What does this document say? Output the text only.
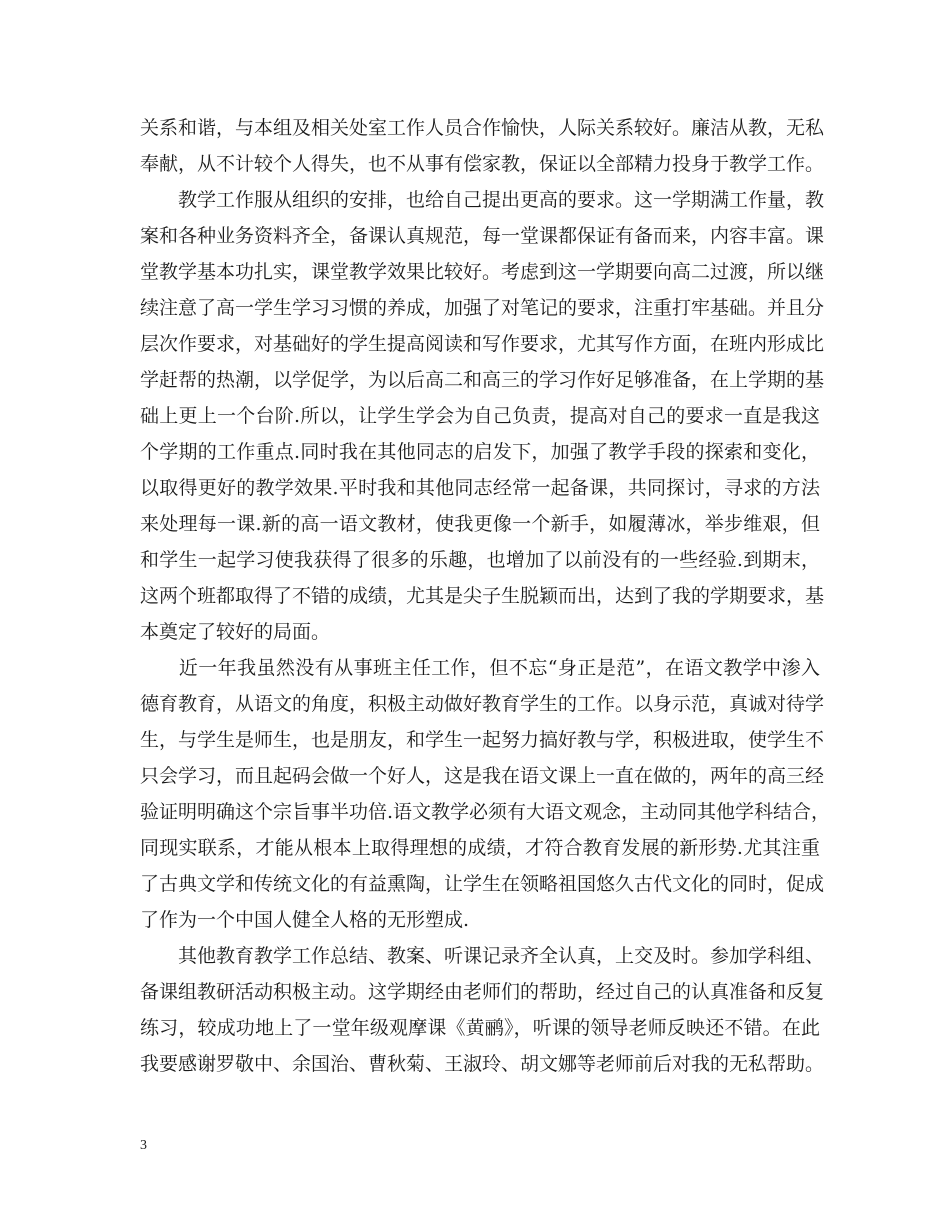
关系和谐，与本组及相关处室工作人员合作愉快，人际关系较好。廉洁从教，无私
奉献，从不计较个人得失，也不从事有偿家教，保证以全部精力投身于教学工作。
　　教学工作服从组织的安排，也给自己提出更高的要求。这一学期满工作量，教
案和各种业务资料齐全，备课认真规范，每一堂课都保证有备而来，内容丰富。课
堂教学基本功扎实，课堂教学效果比较好。考虑到这一学期要向高二过渡，所以继
续注意了高一学生学习习惯的养成，加强了对笔记的要求，注重打牢基础。并且分
层次作要求，对基础好的学生提高阅读和写作要求，尤其写作方面，在班内形成比
学赶帮的热潮，以学促学，为以后高二和高三的学习作好足够准备，在上学期的基
础上更上一个台阶.所以，让学生学会为自己负责，提高对自己的要求一直是我这
个学期的工作重点.同时我在其他同志的启发下，加强了教学手段的探索和变化，
以取得更好的教学效果.平时我和其他同志经常一起备课，共同探讨，寻求的方法
来处理每一课.新的高一语文教材，使我更像一个新手，如履薄冰，举步维艰，但
和学生一起学习使我获得了很多的乐趣，也增加了以前没有的一些经验.到期末，
这两个班都取得了不错的成绩，尤其是尖子生脱颖而出，达到了我的学期要求，基
本奠定了较好的局面。
　　近一年我虽然没有从事班主任工作，但不忘“身正是范”，在语文教学中渗入
德育教育，从语文的角度，积极主动做好教育学生的工作。以身示范，真诚对待学
生，与学生是师生，也是朋友，和学生一起努力搞好教与学，积极进取，使学生不
只会学习，而且起码会做一个好人，这是我在语文课上一直在做的，两年的高三经
验证明明确这个宗旨事半功倍.语文教学必须有大语文观念，主动同其他学科结合，
同现实联系，才能从根本上取得理想的成绩，才符合教育发展的新形势.尤其注重
了古典文学和传统文化的有益熏陶，让学生在领略祖国悠久古代文化的同时，促成
了作为一个中国人健全人格的无形塑成.
　　其他教育教学工作总结、教案、听课记录齐全认真，上交及时。参加学科组、
备课组教研活动积极主动。这学期经由老师们的帮助，经过自己的认真准备和反复
练习，较成功地上了一堂年级观摩课《黄鹂》，听课的领导老师反映还不错。在此
我要感谢罗敬中、余国治、曹秋菊、王淑玲、胡文娜等老师前后对我的无私帮助。
3
